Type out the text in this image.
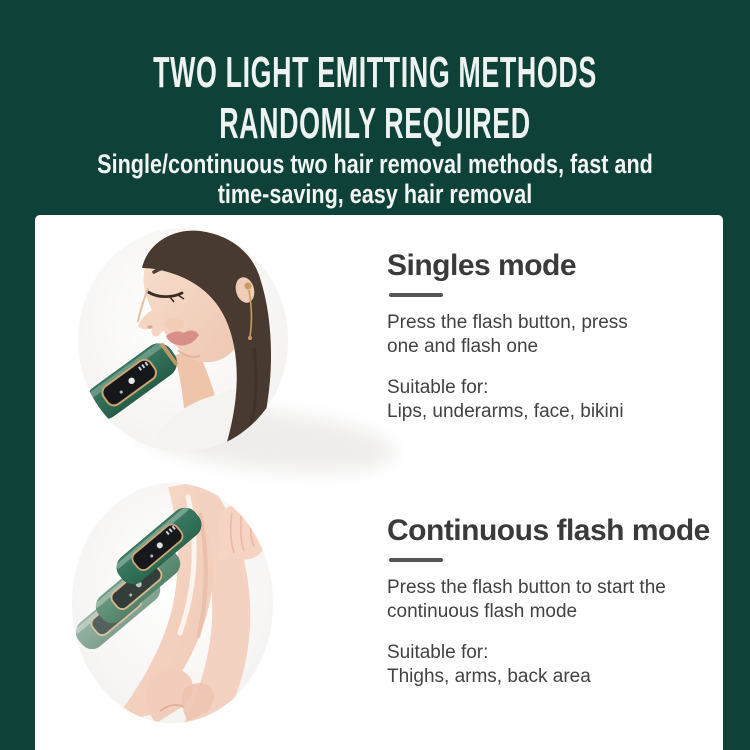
TWO LIGHT EMITTING METHODS
RANDOMLY REQUIRED
Single/continuous two hair removal methods, fast and
time-saving, easy hair removal
Singles mode

Press the flash button, press
one and flash one

Suitable for:
Lips, underarms, face, bikini

Continuous flash mode

Press the flash button to start the
continuous flash mode

Suitable for:
Thighs, arms, back area
